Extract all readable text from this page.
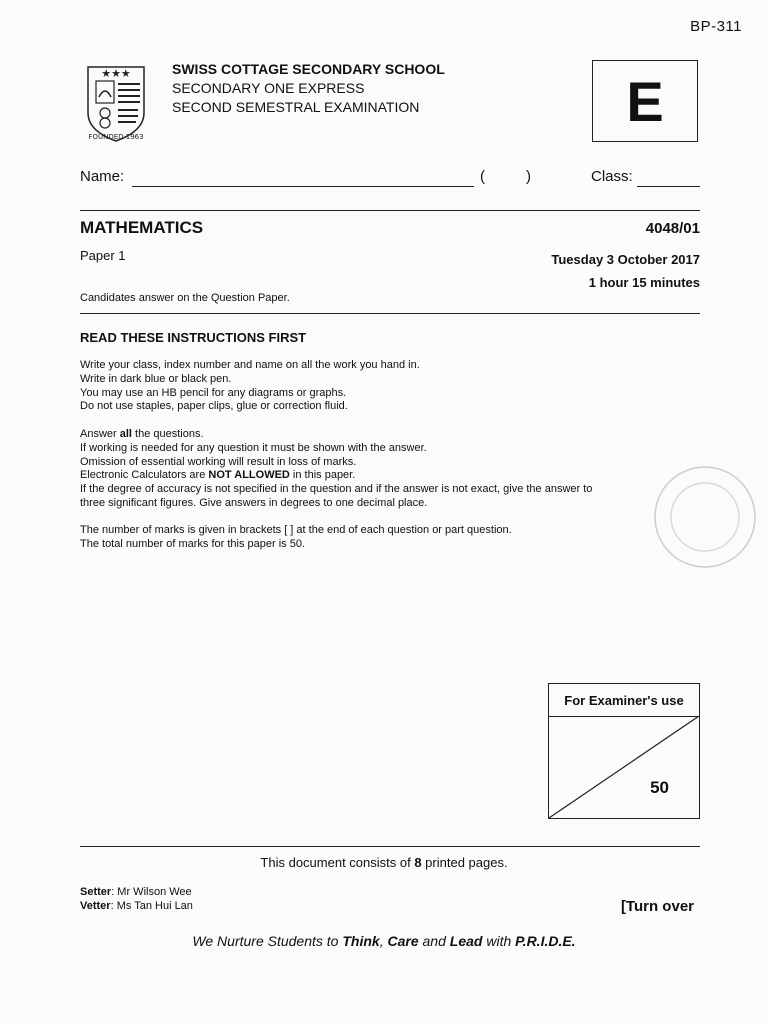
BP-311
★★★
FOUNDED 1963
SWISS COTTAGE SECONDARY SCHOOL
SECONDARY ONE EXPRESS
SECOND SEMESTRAL EXAMINATION	E
Name:	(	)	Class:
MATHEMATICS	4048/01
Paper 1	Tuesday 3 October 2017
1 hour 15 minutes
Candidates answer on the Question Paper.
READ THESE INSTRUCTIONS FIRST

Write your class, index number and name on all the work you hand in.

Write in dark blue or black pen.

You may use an HB pencil for any diagrams or graphs.

Do not use staples, paper clips, glue or correction fluid.

Answer all the questions.

If working is needed for any question it must be shown with the answer.

Omission of essential working will result in loss of marks.

Electronic Calculators are NOT ALLOWED in this paper.

If the degree of accuracy is not specified in the question and if the answer is not exact, give the answer to

three significant figures. Give answers in degrees to one decimal place.

The number of marks is given in brackets [ ] at the end of each question or part question.

The total number of marks for this paper is 50.

For Examiner's use
50
This document consists of 8 printed pages.
Setter: Mr Wilson Wee
Vetter: Ms Tan Hui Lan	[Turn over
We Nurture Students to Think, Care and Lead with P.R.I.D.E.
